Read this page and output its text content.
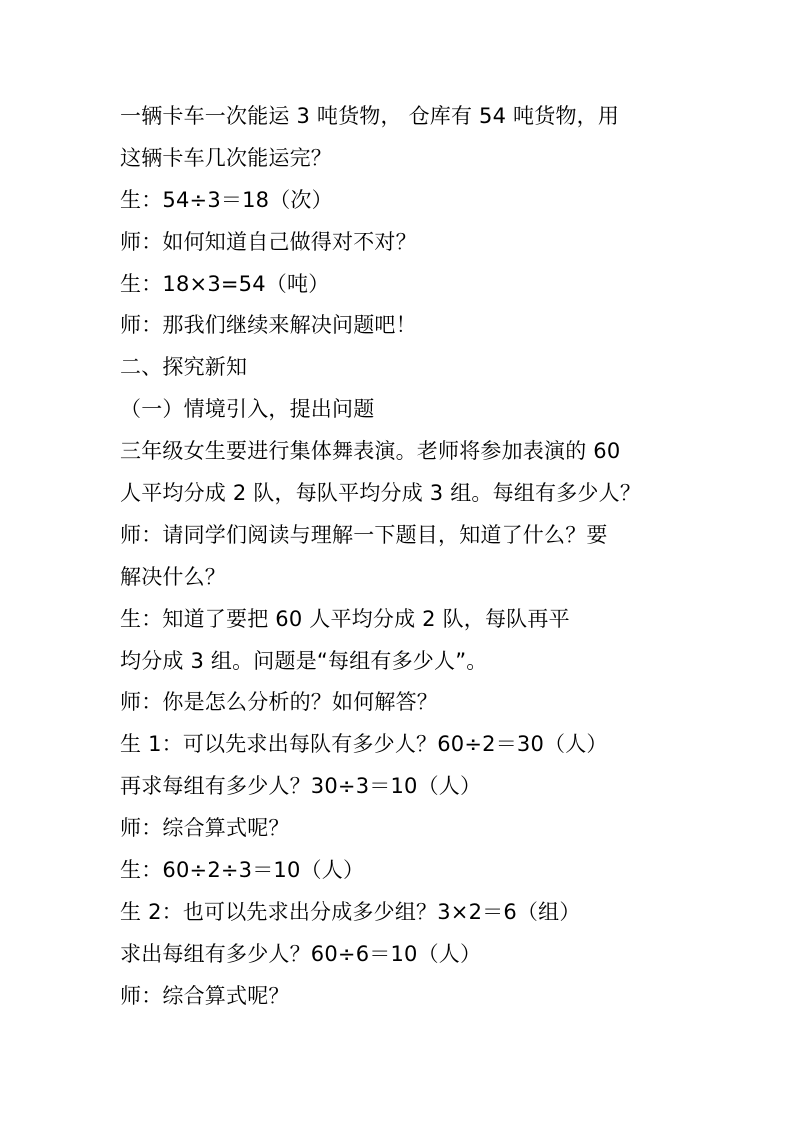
一辆卡车一次能运 3 吨货物， 仓库有 54 吨货物，用
这辆卡车几次能运完？
生：54÷3＝18（次）
师：如何知道自己做得对不对？
生：18×3=54（吨）
师：那我们继续来解决问题吧！
二、探究新知
（一）情境引入，提出问题
三年级女生要进行集体舞表演。老师将参加表演的 60
人平均分成 2 队，每队平均分成 3 组。每组有多少人？
师：请同学们阅读与理解一下题目，知道了什么？要
解决什么？
生：知道了要把 60 人平均分成 2 队，每队再平
均分成 3 组。问题是“每组有多少人”。
师：你是怎么分析的？如何解答？
生 1：可以先求出每队有多少人？60÷2＝30（人）
再求每组有多少人？30÷3＝10（人）
师：综合算式呢？
生：60÷2÷3＝10（人）
生 2：也可以先求出分成多少组？3×2＝6（组）
求出每组有多少人？60÷6＝10（人）
师：综合算式呢？
